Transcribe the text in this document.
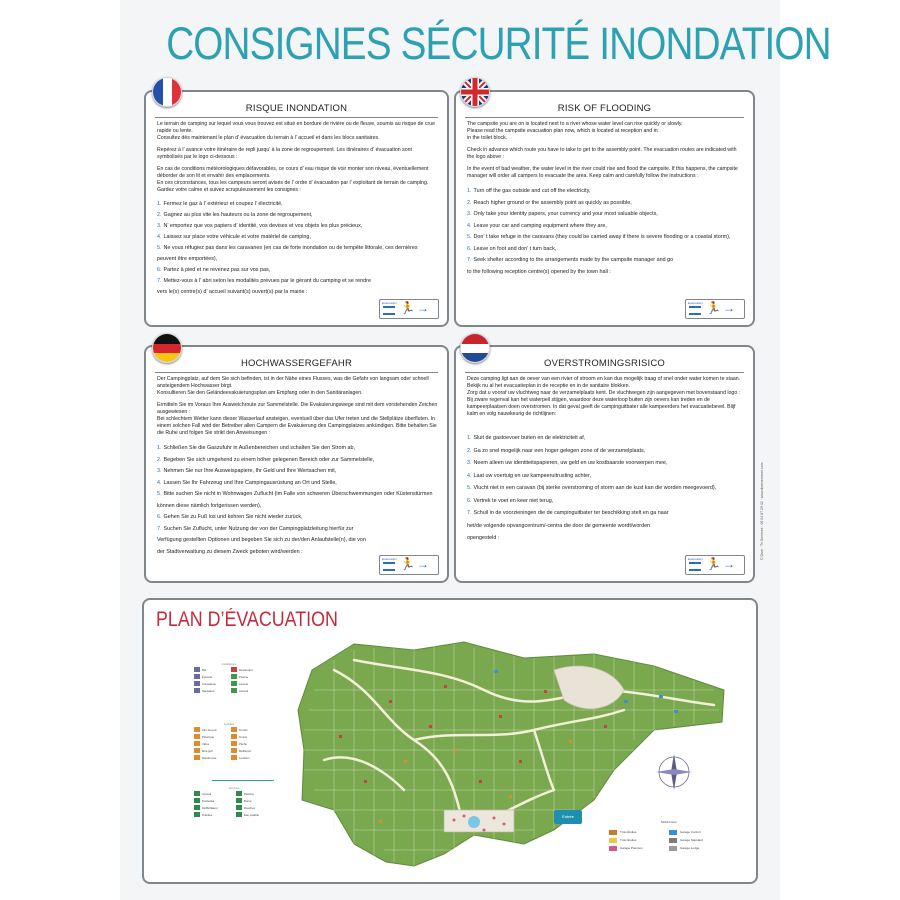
CONSIGNES SÉCURITÉ INONDATION
RISQUE INONDATION

Le terrain de camping sur lequel vous vous trouvez est situé en bordure de rivière ou de fleuve, soumis au risque de crue rapide ou lente.
Consultez dès maintenant le plan d’ évacuation du terrain à l’ accueil et dans les blocs sanitaires.

Repérez à l’ avance votre itinéraire de repli jusqu’ à la zone de regroupement. Les itinéraires d’ évacuation sont symbolisés par le logo ci-dessous :

En cas de conditions météorologiques défavorables, ce cours d’ eau risque de voir monter son niveau, éventuellement déborder de son lit et envahir des emplacements.
En ces circonstances, tous les campeurs seront avisés de l’ ordre d’ évacuation par l’ exploitant de terrain de camping. Gardez votre calme et suivez scrupuleusement les consignes :

1. Fermez le gaz à l’ extérieur et coupez l’ électricité,
2. Gagnez au plus vite les hauteurs ou la zone de regroupement,
3. N’ emportez que vos papiers d’ identité, vos devises et vos objets les plus précieux,
4. Laissez sur place votre véhicule et votre matériel de camping,
5. Ne vous réfugiez pas dans les caravanes (en cas de forte inondation ou de tempête littorale, ces dernières peuvent être emportées),
6. Partez à pied et ne revenez pas sur vos pas,
7. Mettez-vous à l’ abri selon les modalités prévues par le gérant du camping et se rendre vers le(s) centre(s) d’ accueil suivant(s) ouvert(s) par la mairie :
Evacuation 🏃 →
RISK OF FLOODING

The campsite you are on is located next to a river whose water level can rise quickly or slowly.
Please read the campsite evacuation plan now, which is located at reception and in
in the toilet block.

Check in advance which route you have to take to get to the assembly point. The evacuation routes are indicated with the logo above :

In the event of bad weather, the water level in the river could rise and flood the campsite. If this happens, the campsite manager will order all campers to evacuate the area. Keep calm and carefully follow the instructions :

1. Turn off the gas outside and cut off the electricity,
2. Reach higher ground or the assembly point as quickly as possible,
3. Only take your identity papers, your currency and your most valuable objects,
4. Leave your car and camping equipment where they are,
5. Don’ t take refuge in the caravans (they could be carried away if there is severe flooding or a coastal storm),
6. Leave on foot and don’ t turn back,
7. Seek shelter according to the arrangements made by the campsite manager and go to the following reception centre(s) opened by the town hall :
Evacuation 🏃 →
HOCHWASSERGEFAHR

Der Campingplatz, auf dem Sie sich befinden, ist in der Nähe eines Flusses, was die Gefahr von langsam oder schnell ansteigendem Hochwasser birgt.
Konsultieren Sie den Geländeevakuierungsplan am Empfang oder in den Sanitäranlagen.

Ermitteln Sie im Voraus Ihre Ausweichroute zur Sammelstelle. Die Evakuierungswege sind mit dem vorstehenden Zeichen ausgewiesen :
Bei schlechtem Wetter kann dieser Wasserlauf ansteigen, eventuell über das Ufer treten und die Stellplätze überfluten. In einem solchen Fall wird der Betreiber allen Campern die Evakuierung des Campingplatzes ankündigen. Bitte behalten Sie die Ruhe und folgen Sie strikt den Anweisungen :

1. Schließen Sie die Gaszufuhr in Außenbereichen und schalten Sie den Strom ab,
2. Begeben Sie sich umgehend zu einem höher gelegenen Bereich oder zur Sammelstelle,
3. Nehmen Sie nur Ihre Ausweispapiere, Ihr Geld und Ihre Wertsachen mit,
4. Lassen Sie Ihr Fahrzeug und Ihre Campingausrüstung an Ort und Stelle,
5. Bitte suchen Sie nicht in Wohnwagen Zuflucht (im Falle von schweren Überschwemmungen oder Küstenstürmen können diese nämlich fortgerissen werden),
6. Gehen Sie zu Fuß los und kehren Sie nicht wieder zurück,
7. Suchen Sie Zuflucht, unter Nutzung der von der Campingplatzleitung hierfür zur Verfügung gestellten Optionen und begeben Sie sich zu der/den Anlaufstelle(n), die von der Stadtverwaltung zu diesem Zweck geboten wird/werden :
Evacuation 🏃 →
OVERSTROMINGSRISICO

Deze camping ligt aan de oever van een rivier of stroom en kan dus mogelijk traag of snel onder water komen te staan. Bekijk nu al het evacuatieplan in de receptie en in de sanitaire blokken.
Zorg dat u vooraf uw vluchtweg naar de verzamelplaats kent. De vluchtwegen zijn aangegeven met bovenstaand logo :
Bij zware regenval kan het waterpeil stijgen, waardoor deze waterloop buiten zijn oevers kan treden en de kampeerplaatsen doen overstromen. In dat geval geeft de campinguitbater alle kampeerders het evacuatiebevel. Blijf kalm en volg nauwkeurig de richtlijnen:

1. Sluit de gastoevoer buiten en de elektriciteit af,
2. Ga zo snel mogelijk naar een hoger gelegen zone of de verzamelplaats,
3. Neem alleen uw identiteitspapieren, uw geld en uw kostbaarste voorwerpen mee,
4. Laat uw voertuig en uw kampeeruitrusting achter,
5. Vlucht niet in een caravan (bij sterke overstroming of storm aan de kust kan die worden meegevoerd),
6. Vertrek te voet en keer niet terug,
7. Schuil in de voorzieningen die de campinguitbater ter beschikking stelt en ga naar het/de volgende opvangcentrum/-centra die door de gemeente wordt/worden opengesteld :
Evacuation 🏃 →
© Dom · Tri Services · 06 04 87 29 42 · www.domservices.com
PLAN D’ÉVACUATION
Installations
Bar	Restaurant
Épicerie	Piscine
Animations	Laverie
Sanitaires	Accueil
Activités
Aire de jeux	Terrain
Pétanque	Tennis
Vélos	Pêche
Mini-golf	Multisport
Randonnée	Location
Services
Accueil	Parking
Poubelles	Borne
Défibrillateur	Douches
Toilettes	Eau potable	Entrée
Mobil-home
Trois Étoiles	Garage Confort
Trois Étoiles	Garage Standard
Garage Premium	Garage Lodge
